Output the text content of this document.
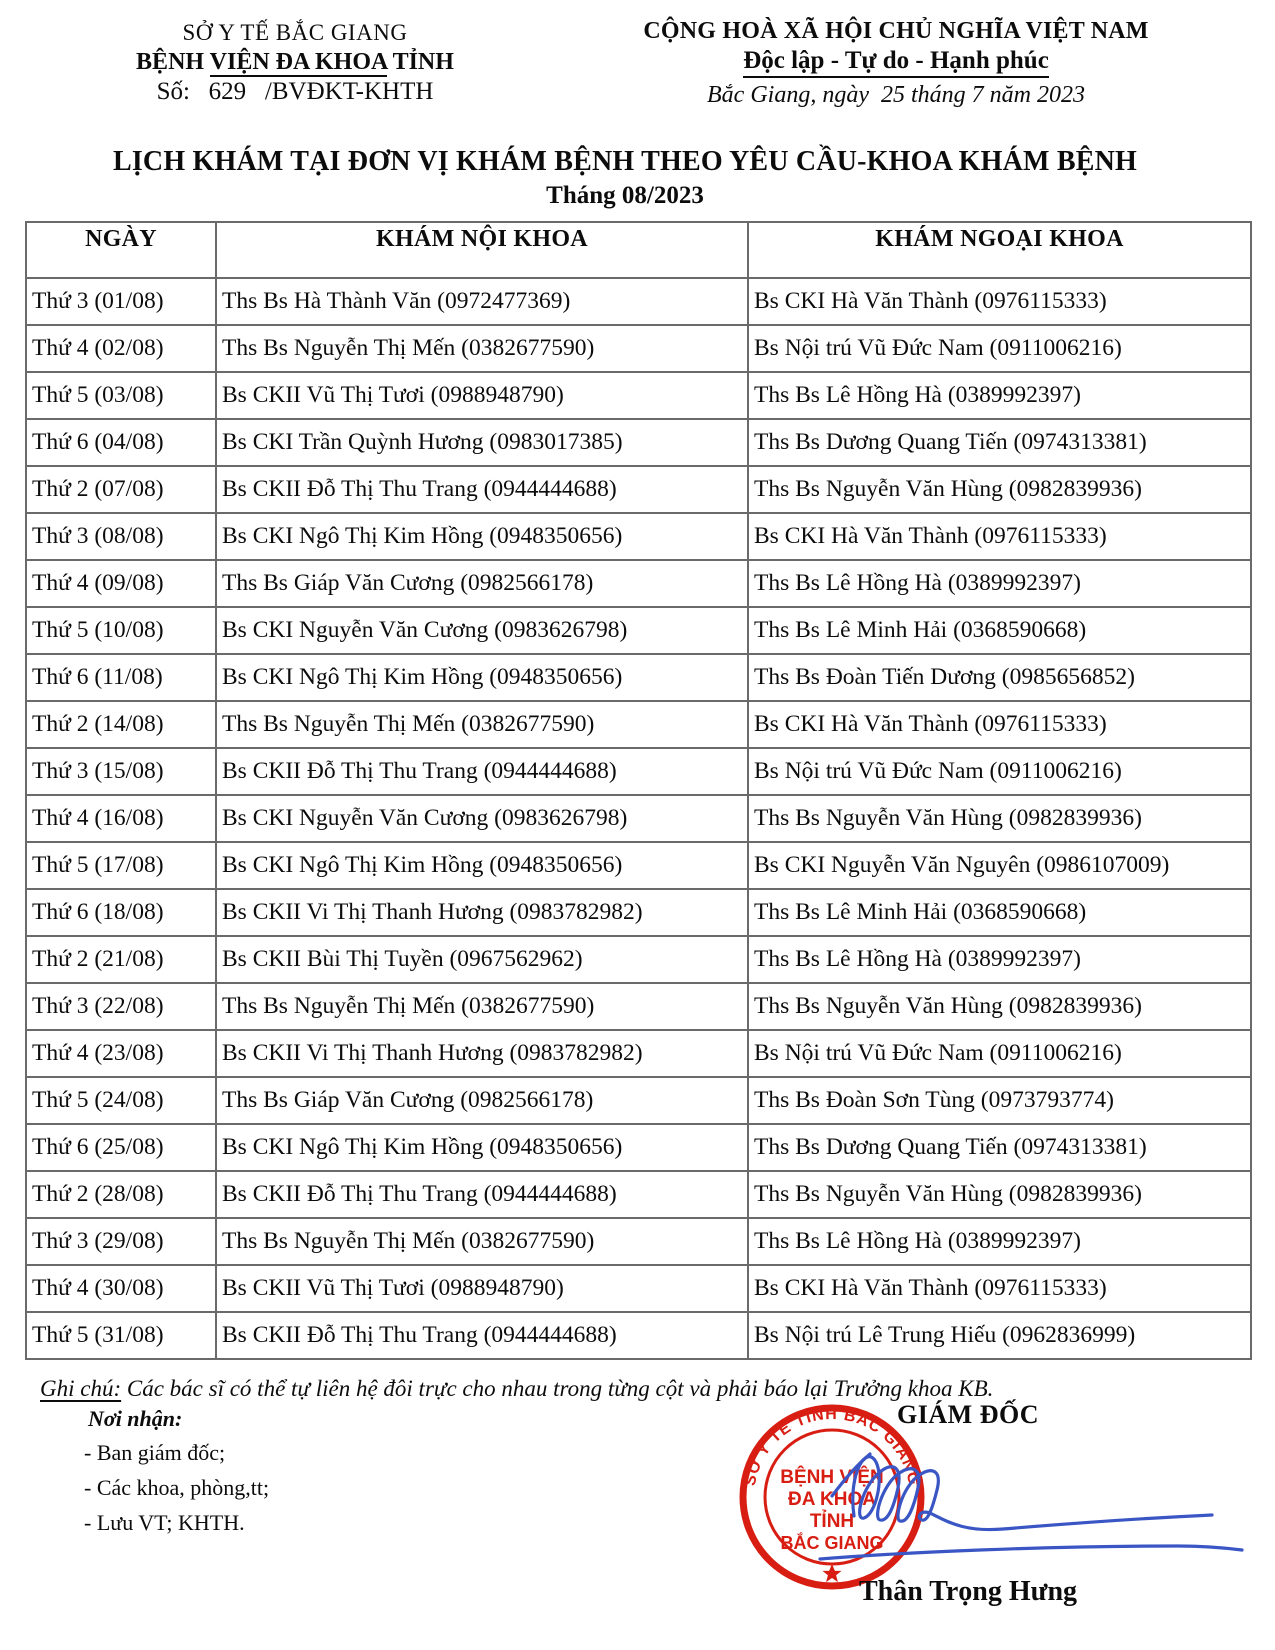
SỞ Y TẾ BẮC GIANG
BỆNH VIỆN ĐA KHOA TỈNH
Số:   629   /BVĐKT-KHTH
CỘNG HOÀ XÃ HỘI CHỦ NGHĨA VIỆT NAM
Độc lập - Tự do - Hạnh phúc
Bắc Giang, ngày  25 tháng 7 năm 2023
LỊCH KHÁM TẠI ĐƠN VỊ KHÁM BỆNH THEO YÊU CẦU-KHOA KHÁM BỆNH
Tháng 08/2023
NGÀY	KHÁM NỘI KHOA	KHÁM NGOẠI KHOA
Thứ 3 (01/08)	Ths Bs Hà Thành Văn (0972477369)	Bs CKI Hà Văn Thành (0976115333)
Thứ 4 (02/08)	Ths Bs Nguyễn Thị Mến (0382677590)	Bs Nội trú Vũ Đức Nam (0911006216)
Thứ 5 (03/08)	Bs CKII Vũ Thị Tươi (0988948790)	Ths Bs Lê Hồng Hà (0389992397)
Thứ 6 (04/08)	Bs CKI Trần Quỳnh Hương (0983017385)	Ths Bs Dương Quang Tiến (0974313381)
Thứ 2 (07/08)	Bs CKII Đỗ Thị Thu Trang (0944444688)	Ths Bs Nguyễn Văn Hùng (0982839936)
Thứ 3 (08/08)	Bs CKI Ngô Thị Kim Hồng (0948350656)	Bs CKI Hà Văn Thành (0976115333)
Thứ 4 (09/08)	Ths Bs Giáp Văn Cương (0982566178)	Ths Bs Lê Hồng Hà (0389992397)
Thứ 5 (10/08)	Bs CKI Nguyễn Văn Cương (0983626798)	Ths Bs Lê Minh Hải (0368590668)
Thứ 6 (11/08)	Bs CKI Ngô Thị Kim Hồng (0948350656)	Ths Bs Đoàn Tiến Dương (0985656852)
Thứ 2 (14/08)	Ths Bs Nguyễn Thị Mến (0382677590)	Bs CKI Hà Văn Thành (0976115333)
Thứ 3 (15/08)	Bs CKII Đỗ Thị Thu Trang (0944444688)	Bs Nội trú Vũ Đức Nam (0911006216)
Thứ 4 (16/08)	Bs CKI Nguyễn Văn Cương (0983626798)	Ths Bs Nguyễn Văn Hùng (0982839936)
Thứ 5 (17/08)	Bs CKI Ngô Thị Kim Hồng (0948350656)	Bs CKI Nguyễn Văn Nguyên (0986107009)
Thứ 6 (18/08)	Bs CKII Vi Thị Thanh Hương (0983782982)	Ths Bs Lê Minh Hải (0368590668)
Thứ 2 (21/08)	Bs CKII Bùi Thị Tuyền (0967562962)	Ths Bs Lê Hồng Hà (0389992397)
Thứ 3 (22/08)	Ths Bs Nguyễn Thị Mến (0382677590)	Ths Bs Nguyễn Văn Hùng (0982839936)
Thứ 4 (23/08)	Bs CKII Vi Thị Thanh Hương (0983782982)	Bs Nội trú Vũ Đức Nam (0911006216)
Thứ 5 (24/08)	Ths Bs Giáp Văn Cương (0982566178)	Ths Bs Đoàn Sơn Tùng (0973793774)
Thứ 6 (25/08)	Bs CKI Ngô Thị Kim Hồng (0948350656)	Ths Bs Dương Quang Tiến (0974313381)
Thứ 2 (28/08)	Bs CKII Đỗ Thị Thu Trang (0944444688)	Ths Bs Nguyễn Văn Hùng (0982839936)
Thứ 3 (29/08)	Ths Bs Nguyễn Thị Mến (0382677590)	Ths Bs Lê Hồng Hà (0389992397)
Thứ 4 (30/08)	Bs CKII Vũ Thị Tươi (0988948790)	Bs CKI Hà Văn Thành (0976115333)
Thứ 5 (31/08)	Bs CKII Đỗ Thị Thu Trang (0944444688)	Bs Nội trú Lê Trung Hiếu (0962836999)
Ghi chú: Các bác sĩ có thể tự liên hệ đôi trực cho nhau trong từng cột và phải báo lại Trưởng khoa KB.
Nơi nhận:
- Ban giám đốc;
- Các khoa, phòng,tt;
- Lưu VT; KHTH.
GIÁM ĐỐC
SỞ Y TẾ TỈNH BẮC GIANG
BỆNH VIỆN
ĐA KHOA
TỈNH
BẮC GIANG
Thân Trọng Hưng
